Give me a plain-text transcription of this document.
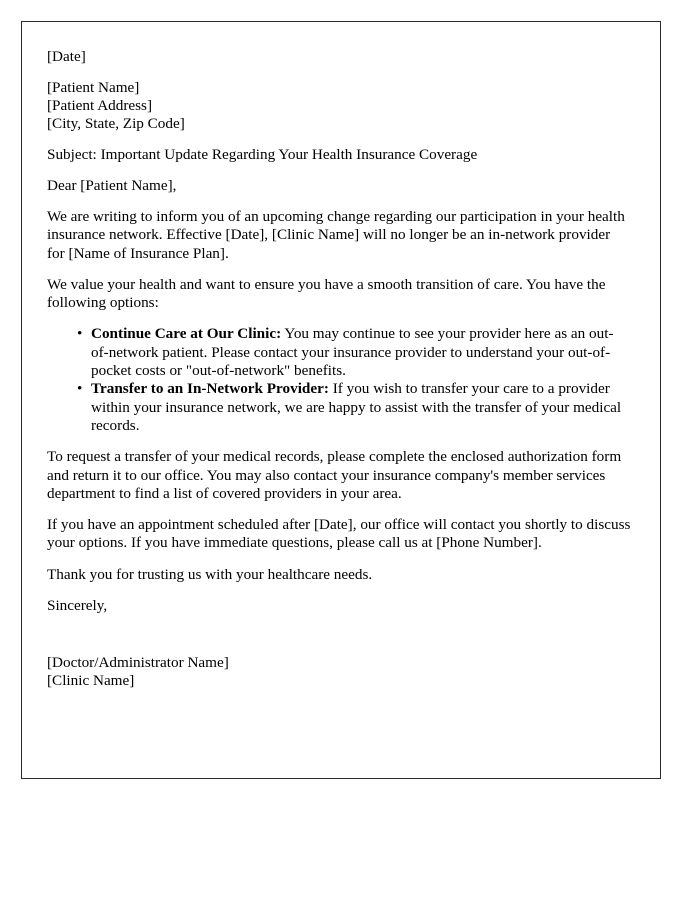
[Date]
[Patient Name]
[Patient Address]
[City, State, Zip Code]
Subject: Important Update Regarding Your Health Insurance Coverage
Dear [Patient Name],
We are writing to inform you of an upcoming change regarding our participation in your health insurance network. Effective [Date], [Clinic Name] will no longer be an in-network provider for [Name of Insurance Plan].
We value your health and want to ensure you have a smooth transition of care. You have the following options:
• Continue Care at Our Clinic: You may continue to see your provider here as an out-of-network patient. Please contact your insurance provider to understand your out-of-pocket costs or "out-of-network" benefits.
• Transfer to an In-Network Provider: If you wish to transfer your care to a provider within your insurance network, we are happy to assist with the transfer of your medical records.
To request a transfer of your medical records, please complete the enclosed authorization form and return it to our office. You may also contact your insurance company's member services department to find a list of covered providers in your area.
If you have an appointment scheduled after [Date], our office will contact you shortly to discuss your options. If you have immediate questions, please call us at [Phone Number].
Thank you for trusting us with your healthcare needs.
Sincerely,
[Doctor/Administrator Name]
[Clinic Name]
